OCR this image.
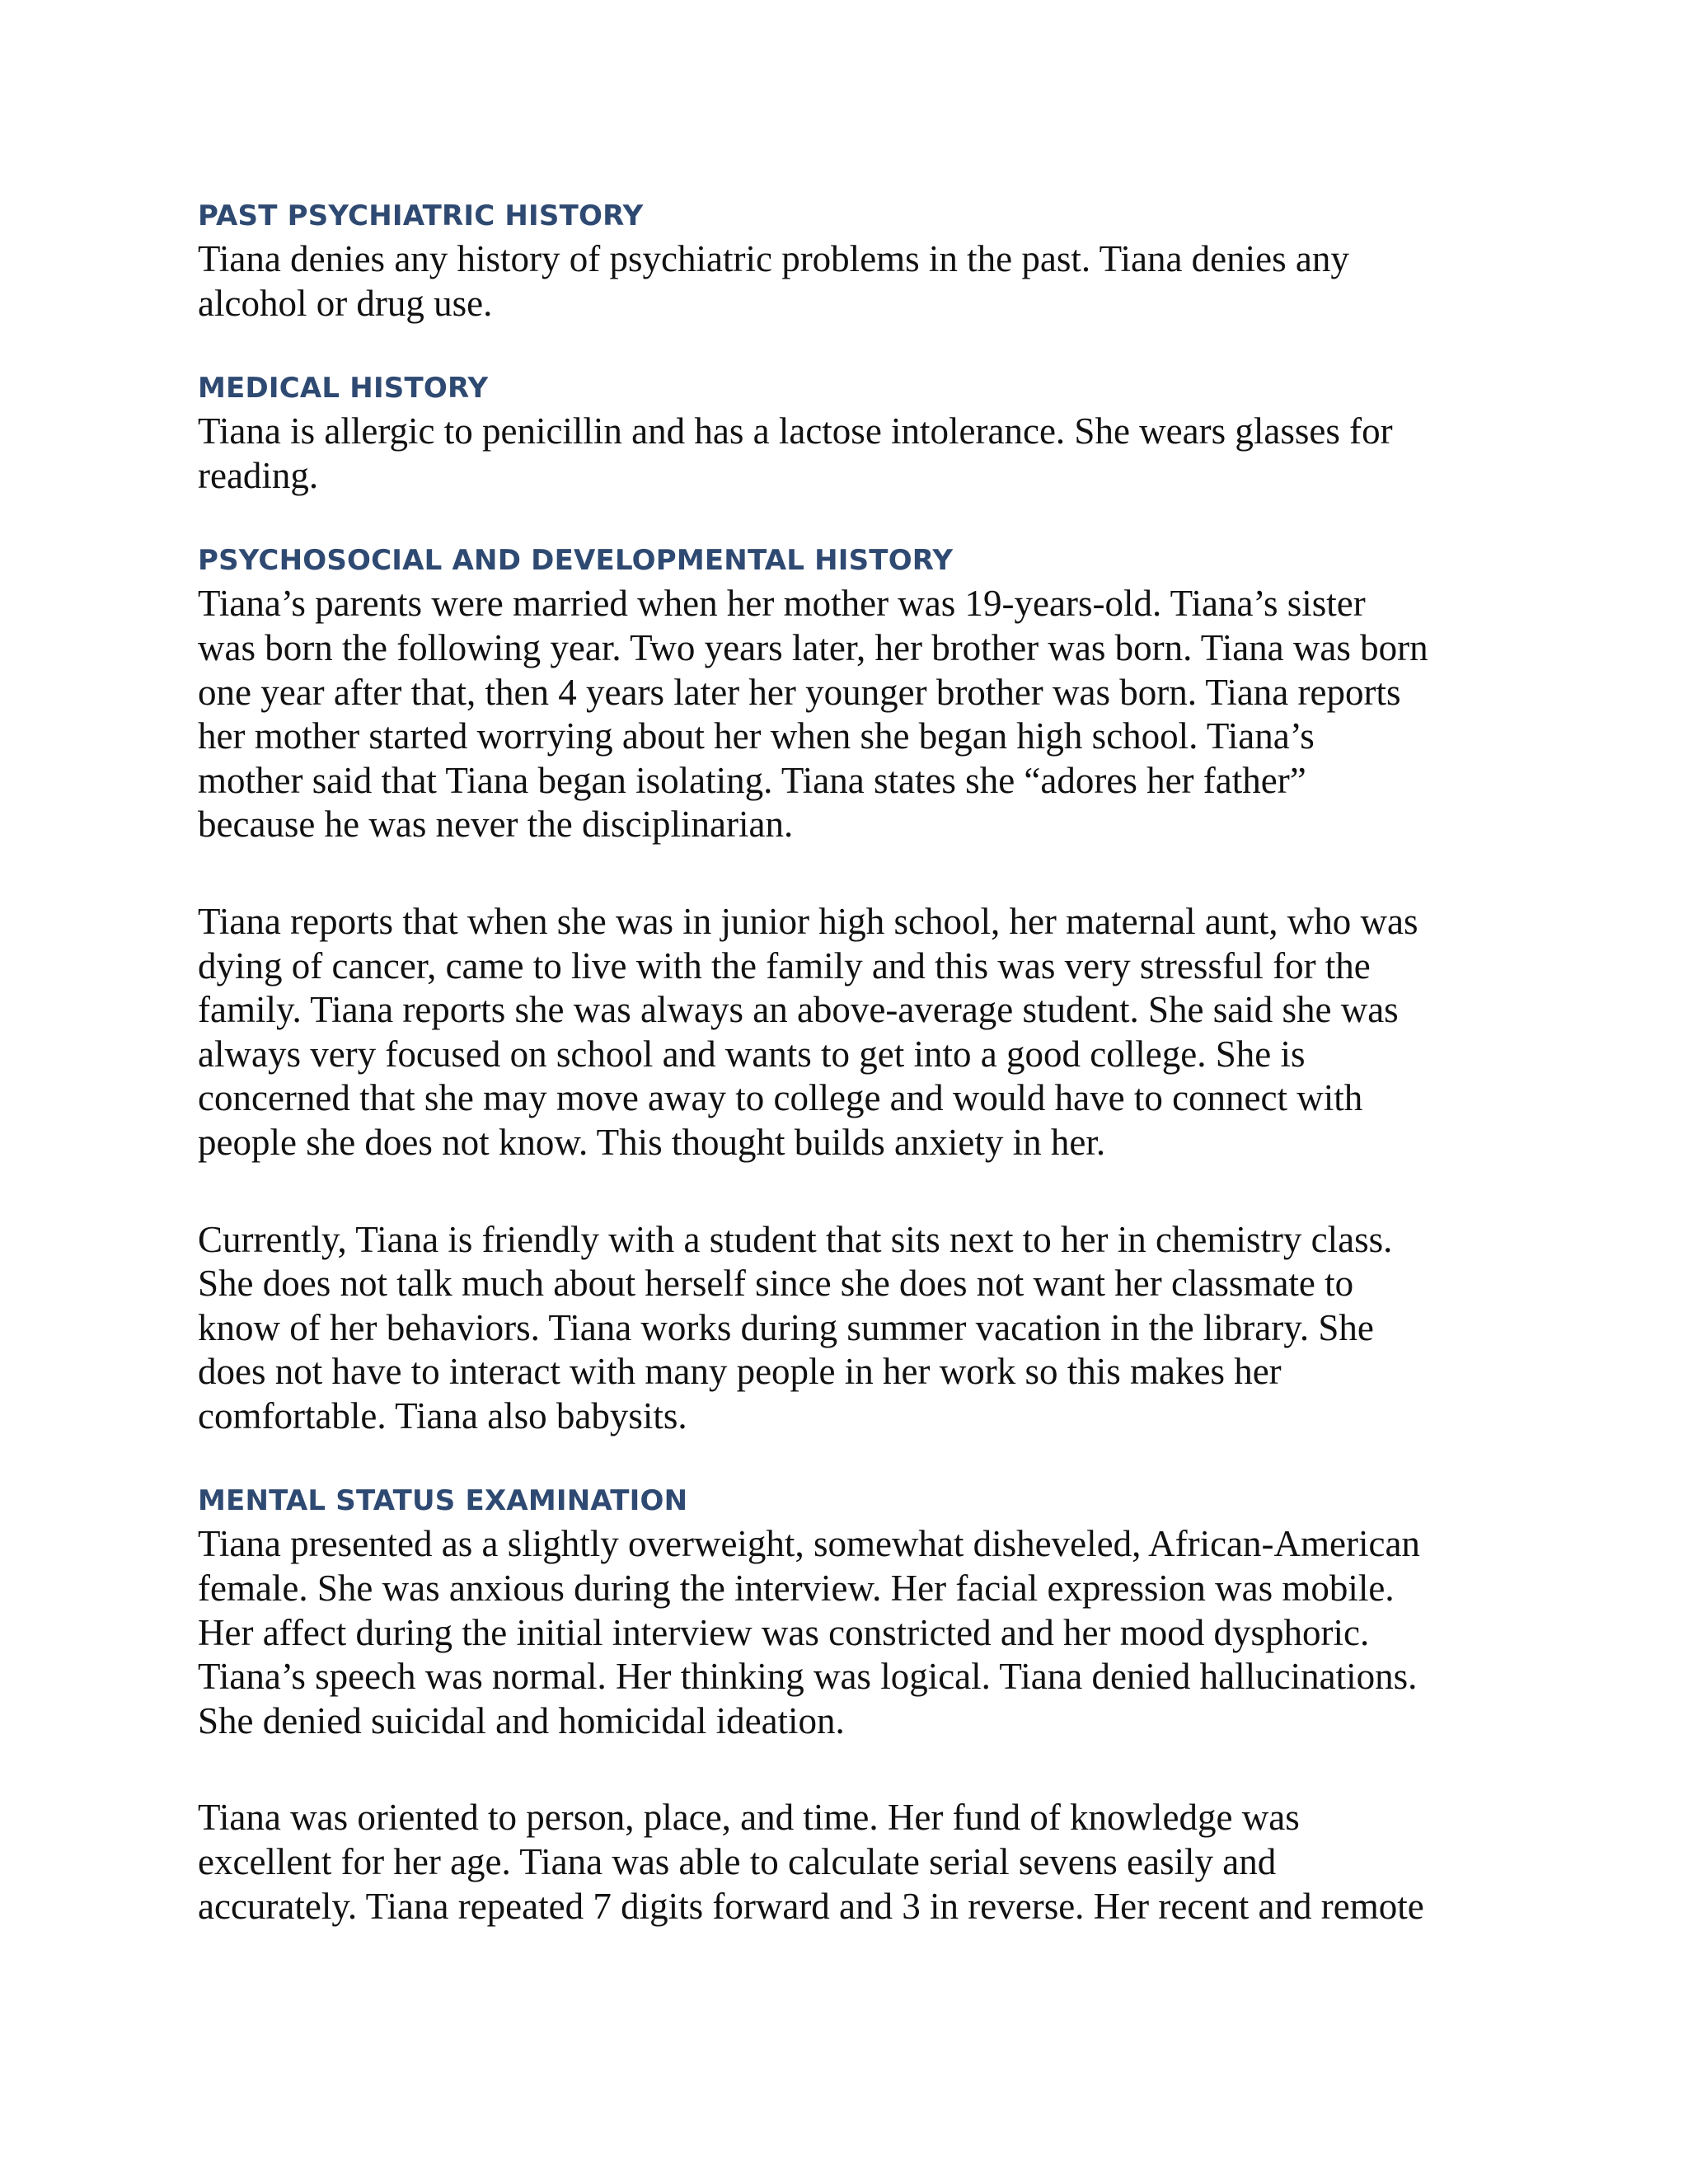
PAST PSYCHIATRIC HISTORY

Tiana denies any history of psychiatric problems in the past. Tiana denies any
alcohol or drug use.

MEDICAL HISTORY

Tiana is allergic to penicillin and has a lactose intolerance. She wears glasses for
reading.

PSYCHOSOCIAL AND DEVELOPMENTAL HISTORY

Tiana’s parents were married when her mother was 19-years-old. Tiana’s sister
was born the following year. Two years later, her brother was born. Tiana was born
one year after that, then 4 years later her younger brother was born. Tiana reports
her mother started worrying about her when she began high school. Tiana’s
mother said that Tiana began isolating. Tiana states she “adores her father”
because he was never the disciplinarian.

Tiana reports that when she was in junior high school, her maternal aunt, who was
dying of cancer, came to live with the family and this was very stressful for the
family. Tiana reports she was always an above-average student. She said she was
always very focused on school and wants to get into a good college. She is
concerned that she may move away to college and would have to connect with
people she does not know. This thought builds anxiety in her.

Currently, Tiana is friendly with a student that sits next to her in chemistry class.
She does not talk much about herself since she does not want her classmate to
know of her behaviors. Tiana works during summer vacation in the library. She
does not have to interact with many people in her work so this makes her
comfortable. Tiana also babysits.

MENTAL STATUS EXAMINATION

Tiana presented as a slightly overweight, somewhat disheveled, African-American
female. She was anxious during the interview. Her facial expression was mobile.
Her affect during the initial interview was constricted and her mood dysphoric.
Tiana’s speech was normal. Her thinking was logical. Tiana denied hallucinations.
She denied suicidal and homicidal ideation.

Tiana was oriented to person, place, and time. Her fund of knowledge was
excellent for her age. Tiana was able to calculate serial sevens easily and
accurately. Tiana repeated 7 digits forward and 3 in reverse. Her recent and remote
